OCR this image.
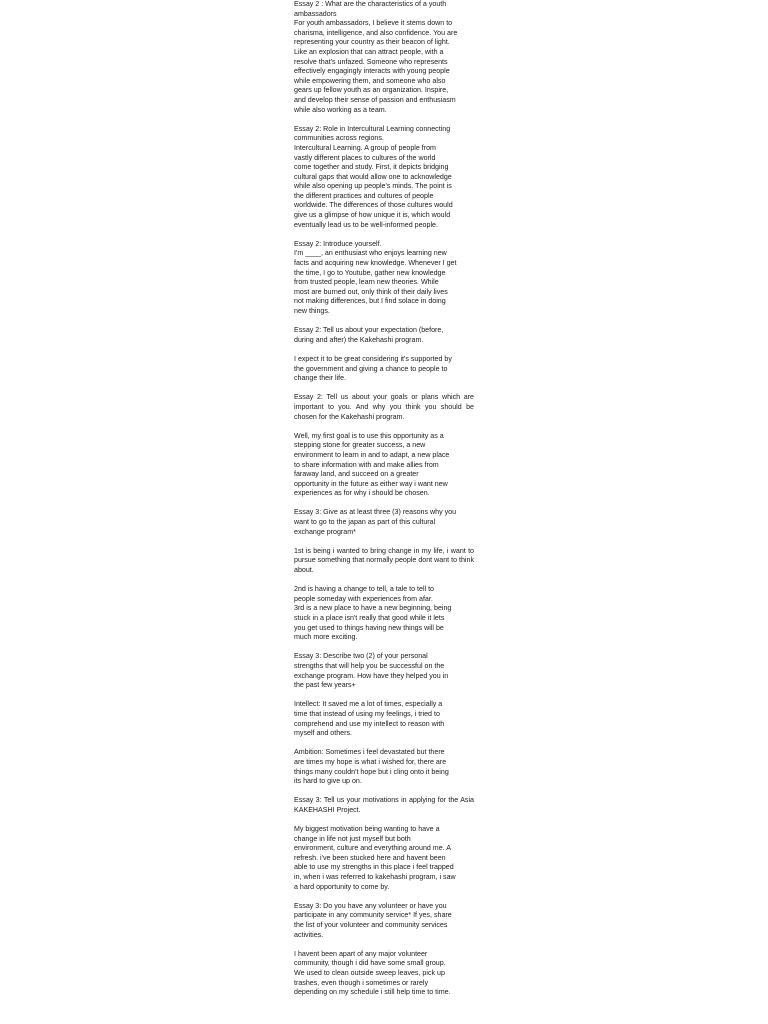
Essay 2 : What are the characteristics of a youth
ambassadors
For youth ambassadors, I believe it stems down to
charisma, intelligence, and also confidence. You are
representing your country as their beacon of light.
Like an explosion that can attract people, with a
resolve that's unfazed. Someone who represents
effectively engagingly interacts with young people
while empowering them, and someone who also
gears up fellow youth as an organization. Inspire,
and develop their sense of passion and enthusiasm
while also working as a team.

Essay 2: Role in Intercultural Learning connecting
communities across regions.
Intercultural Learning. A group of people from
vastly different places to cultures of the world
come together and study. First, it depicts bridging
cultural gaps that would allow one to acknowledge
while also opening up people's minds. The point is
the different practices and cultures of people
worldwide. The differences of those cultures would
give us a glimpse of how unique it is, which would
eventually lead us to be well-informed people.

Essay 2: Introduce yourself.
I'm ____, an enthusiast who enjoys learning new
facts and acquiring new knowledge. Whenever I get
the time, I go to Youtube, gather new knowledge
from trusted people, learn new theories. While
most are burned out, only think of their daily lives
not making differences, but I find solace in doing
new things.

Essay 2: Tell us about your expectation (before,
during and after) the Kakehashi program.

I expect it to be great considering it's supported by
the government and giving a chance to people to
change their life.

Essay 2: Tell us about your goals or plans which are important to you. And why you think you should be chosen for the Kakehashi program.

Well, my first goal is to use this opportunity as a
stepping stone for greater success, a new
environment to learn in and to adapt, a new place
to share information with and make allies from
faraway land, and succeed on a greater
opportunity in the future as either way i want new
experiences as for why i should be chosen.

Essay 3: Give as at least three (3) reasons why you
want to go to the japan as part of this cultural
exchange program*

1st is being i wanted to bring change in my life, i want to pursue something that normally people dont want to think about.

2nd is having a change to tell, a tale to tell to
people someday with experiences from afar.
3rd is a new place to have a new beginning, being
stuck in a place isn't really that good while it lets
you get used to things having new things will be
much more exciting.

Essay 3: Describe two (2) of your personal
strengths that will help you be successful on the
exchange program. How have they helped you in
the past few years+

Intellect: It saved me a lot of times, especially a
time that instead of using my feelings, i tried to
comprehend and use my intellect to reason with
myself and others.

Ambition: Sometimes i feel devastated but there
are times my hope is what i wished for, there are
things many couldn't hope but i cling onto it being
its hard to give up on.

Essay 3: Tell us your motivations in applying for the Asia KAKEHASHI Project.

My biggest motivation being wanting to have a
change in life not just myself but both
environment, culture and everything around me. A
refresh. i've been stucked here and havent been
able to use my strengths in this place i feel trapped
in, when i was referred to kakehashi program, i saw
a hard opportunity to come by.

Essay 3: Do you have any volunteer or have you
participate in any community service* If yes, share
the list of your volunteer and community services
activities.

I havent been apart of any major volunteer
community, though i did have some small group.
We used to clean outside sweep leaves, pick up
trashes, even though i sometimes or rarely
depending on my schedule i still help time to time.
